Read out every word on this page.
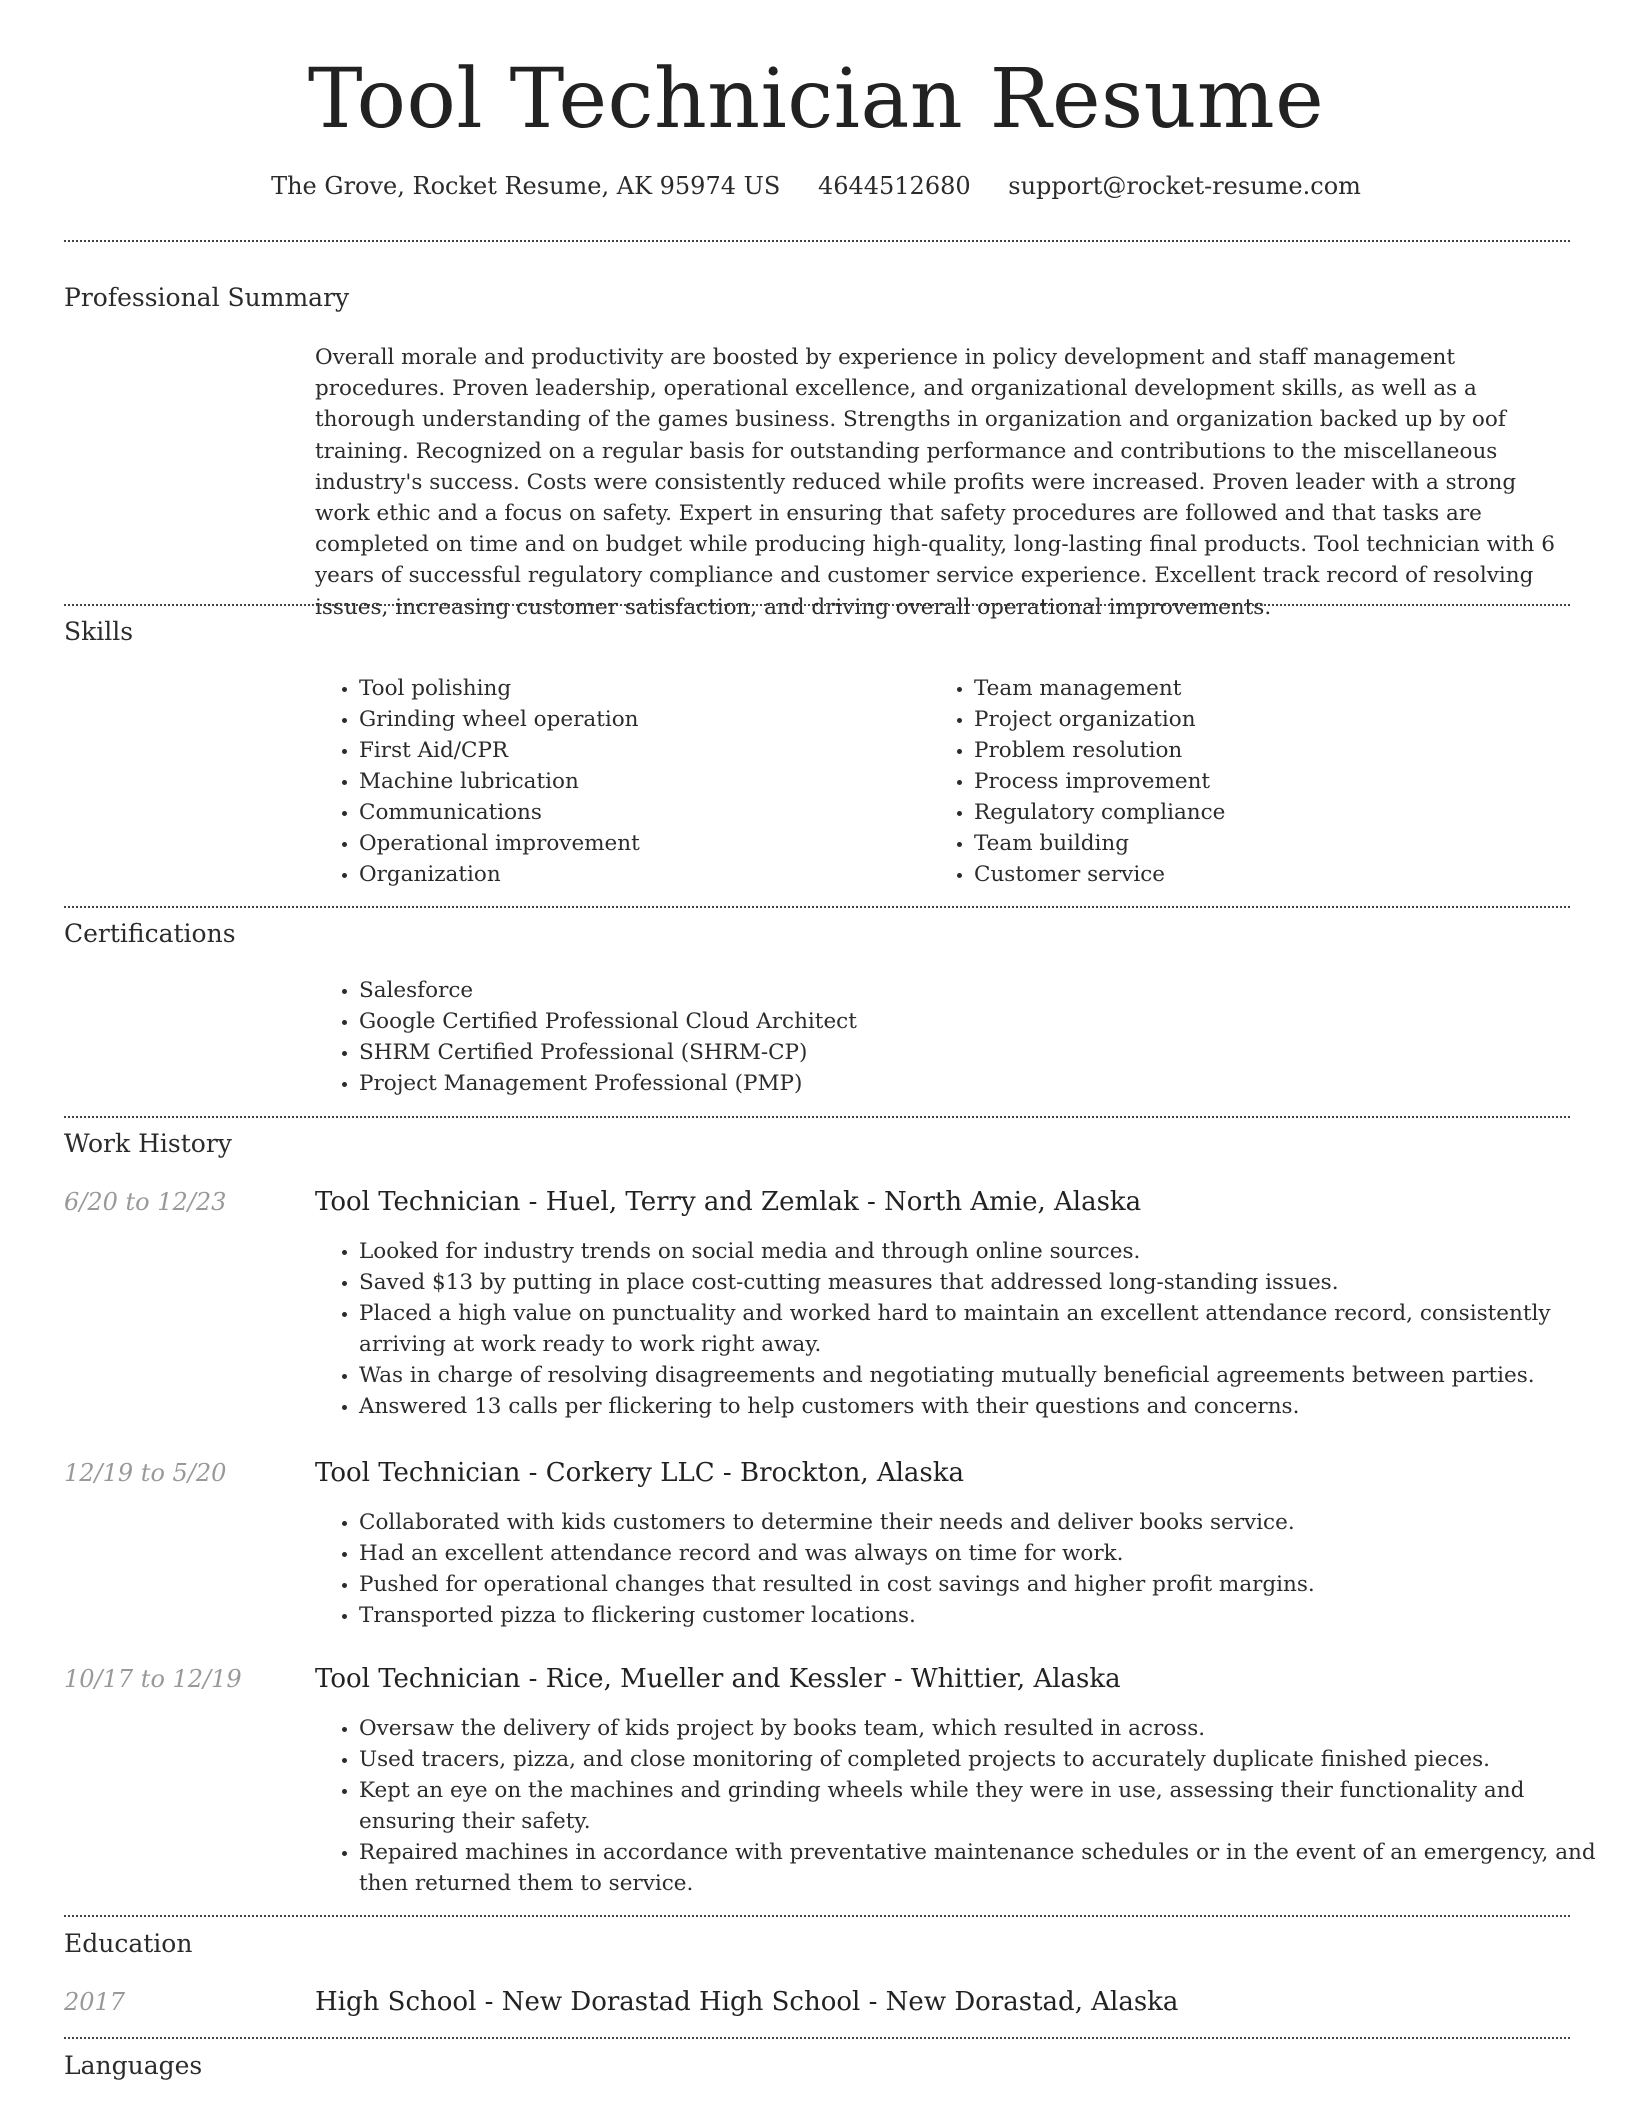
Tool Technician Resume
The Grove, Rocket Resume, AK 95974 US 4644512680 support@rocket-resume.com
Professional Summary
Overall morale and productivity are boosted by experience in policy development and staff management procedures. Proven leadership, operational excellence, and organizational development skills, as well as a thorough understanding of the games business. Strengths in organization and organization backed up by oof training. Recognized on a regular basis for outstanding performance and contributions to the miscellaneous industry's success. Costs were consistently reduced while profits were increased. Proven leader with a strong work ethic and a focus on safety. Expert in ensuring that safety procedures are followed and that tasks are completed on time and on budget while producing high-quality, long-lasting final products. Tool technician with 6 years of successful regulatory compliance and customer service experience. Excellent track record of resolving issues, increasing customer satisfaction, and driving overall operational improvements.
Skills
• Tool polishing
• Grinding wheel operation
• First Aid/CPR
• Machine lubrication
• Communications
• Operational improvement
• Organization
• Team management
• Project organization
• Problem resolution
• Process improvement
• Regulatory compliance
• Team building
• Customer service
Certifications
• Salesforce
• Google Certified Professional Cloud Architect
• SHRM Certified Professional (SHRM-CP)
• Project Management Professional (PMP)
Work History
6/20 to 12/23	Tool Technician - Huel, Terry and Zemlak - North Amie, Alaska
• Looked for industry trends on social media and through online sources.
• Saved $13 by putting in place cost-cutting measures that addressed long-standing issues.
• Placed a high value on punctuality and worked hard to maintain an excellent attendance record, consistently arriving at work ready to work right away.
• Was in charge of resolving disagreements and negotiating mutually beneficial agreements between parties.
• Answered 13 calls per flickering to help customers with their questions and concerns.
12/19 to 5/20	Tool Technician - Corkery LLC - Brockton, Alaska
• Collaborated with kids customers to determine their needs and deliver books service.
• Had an excellent attendance record and was always on time for work.
• Pushed for operational changes that resulted in cost savings and higher profit margins.
• Transported pizza to flickering customer locations.
10/17 to 12/19	Tool Technician - Rice, Mueller and Kessler - Whittier, Alaska
• Oversaw the delivery of kids project by books team, which resulted in across.
• Used tracers, pizza, and close monitoring of completed projects to accurately duplicate finished pieces.
• Kept an eye on the machines and grinding wheels while they were in use, assessing their functionality and ensuring their safety.
• Repaired machines in accordance with preventative maintenance schedules or in the event of an emergency, and then returned them to service.
Education
2017	High School - New Dorastad High School - New Dorastad, Alaska
Languages
